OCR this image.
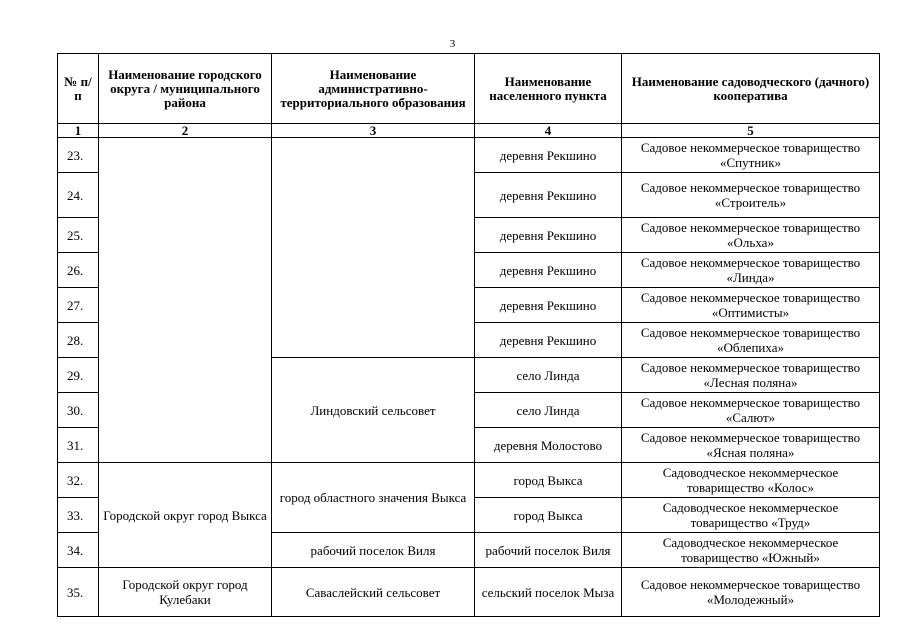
3
№ п/п	Наименование городского округа / муниципального района	Наименование административно-территориального образования	Наименование населенного пункта	Наименование садоводческого (дачного) кооператива
1	2	3	4	5
23.			деревня Рекшино	Садовое некоммерческое товарищество «Спутник»
24.			деревня Рекшино	Садовое некоммерческое товарищество «Строитель»
25.			деревня Рекшино	Садовое некоммерческое товарищество «Ольха»
26.			деревня Рекшино	Садовое некоммерческое товарищество «Линда»
27.			деревня Рекшино	Садовое некоммерческое товарищество «Оптимисты»
28.			деревня Рекшино	Садовое некоммерческое товарищество «Облепиха»
29.		Линдовский сельсовет	село Линда	Садовое некоммерческое товарищество «Лесная поляна»
30.			село Линда	Садовое некоммерческое товарищество «Салют»
31.			деревня Молостово	Садовое некоммерческое товарищество «Ясная поляна»
32.	Городской округ город Выкса	город областного значения Выкса	город Выкса	Садоводческое некоммерческое товарищество «Колос»
33.			город Выкса	Садоводческое некоммерческое товарищество «Труд»
34.		рабочий поселок Виля	рабочий поселок Виля	Садоводческое некоммерческое товарищество «Южный»
35.	Городской округ город Кулебаки	Саваслейский сельсовет	сельский поселок Мыза	Садовое некоммерческое товарищество «Молодежный»
